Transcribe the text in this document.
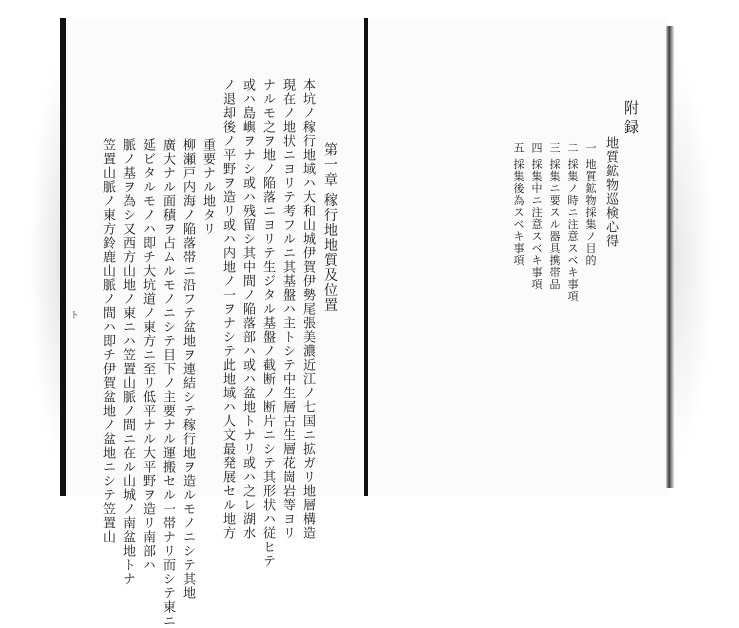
第一章 稼行地地質及位置
本坑ノ稼行地域ハ大和山城伊賀伊勢尾張美濃近江ノ七国ニ拡ガリ地層構造
現在ノ地状ニヨリテ考フルニ其基盤ハ主トシテ中生層古生層花崗岩等ヨリ
ナルモ之ヲ地ノ陥落ニヨリテ生ジタル基盤ノ截断ノ断片ニシテ其形状ハ従ヒテ
或ハ島嶼ヲナシ或ハ残留シ其中間ノ陥落部ハ或ハ盆地トナリ或ハ之レ湖水
ノ退却後ノ平野ヲ造リ或ハ内地ノ一ヲナシテ此地域ハ人文最発展セル地方
重要ナル地タリ
柳瀬戸内海ノ陥落帯ニ沿フテ盆地ヲ連結シテ稼行地ヲ造ルモノニシテ其地
廣大ナル面積ヲ占ムルモノニシテ目下ノ主要ナル運搬セル一帯ナリ而シテ東ニ
延ビタルモノハ即チ大坑道ノ東方ニ至リ低平ナル大平野ヲ造リ南部ハ
脈ノ基ヲ為シ又西方山地ノ東ニハ笠置山脈ノ間ニ在ル山城ノ南盆地トナ
笠置山脈ノ東方鈴鹿山脈ノ間ハ即チ伊賀盆地ノ盆地ニシテ笠置山
ト
附録
地質鉱物巡検心得
一 地質鉱物採集ノ目的
二 採集ノ時ニ注意スベキ事項
三 採集ニ要スル器具携帯品
四 採集中ニ注意スベキ事項
五 採集後為スベキ事項
